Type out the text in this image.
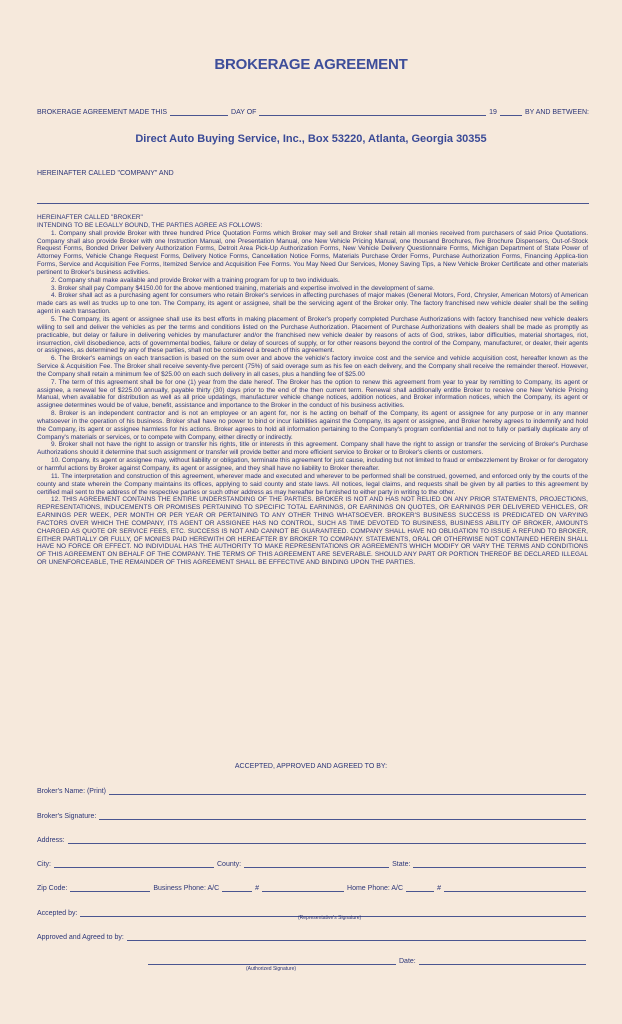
BROKERAGE AGREEMENT
BROKERAGE AGREEMENT MADE THIS	DAY OF	19	BY AND BETWEEN:
Direct Auto Buying Service, Inc., Box 53220, Atlanta, Georgia 30355
HEREINAFTER CALLED "COMPANY" AND

HEREINAFTER CALLED "BROKER"

INTENDING TO BE LEGALLY BOUND, THE PARTIES AGREE AS FOLLOWS:

1. Company shall provide Broker with three hundred Price Quotation Forms which Broker may sell and Broker shall retain all monies received from purchasers of said Price Quotations. Company shall also provide Broker with one Instruction Manual, one Presentation Manual, one New Vehicle Pricing Manual, one thousand Brochures, five Brochure Dispensers, Out-of-Stock Request Forms, Bonded Driver Delivery Authorization Forms, Detroit Area Pick-Up Authorization Forms, New Vehicle Delivery Questionnaire Forms, Michigan Department of State Power of Attorney Forms, Vehicle Change Request Forms, Delivery Notice Forms, Cancellation Notice Forms, Materials Purchase Order Forms, Purchase Authorization Forms, Financing Applica-tion Forms, Service and Acquisition Fee Forms, Itemized Service and Acquisition Fee Forms. You May Need Our Services, Money Saving Tips, a New Vehicle Broker Certificate and other materials pertinent to Broker's business activities.

2. Company shall make available and provide Broker with a training program for up to two individuals.

3. Broker shall pay Company $4150.00 for the above mentioned training, materials and expertise involved in the development of same.

4. Broker shall act as a purchasing agent for consumers who retain Broker's services in affecting purchases of major makes (General Motors, Ford, Chrysler, American Motors) of American made cars as well as trucks up to one ton. The Company, its agent or assignee, shall be the servicing agent of the Broker only. The factory franchised new vehicle dealer shall be the selling agent in each transaction.

5. The Company, its agent or assignee shall use its best efforts in making placement of Broker's properly completed Purchase Authorizations with factory franchised new vehicle dealers willing to sell and deliver the vehicles as per the terms and conditions listed on the Purchase Authorization. Placement of Purchase Authorizations with dealers shall be made as promptly as practicable, but delay or failure in delivering vehicles by manufacturer and/or the franchised new vehicle dealer by reasons of acts of God, strikes, labor difficulties, material shortages, riot, insurrection, civil disobedience, acts of governmental bodies, failure or delay of sources of supply, or for other reasons beyond the control of the Company, manufacturer, or dealer, their agents or assignees, as determined by any of these parties, shall not be considered a breach of this agreement.

6. The Broker's earnings on each transaction is based on the sum over and above the vehicle's factory invoice cost and the service and vehicle acquisition cost, hereafter known as the Service & Acquisition Fee. The Broker shall receive seventy-five percent (75%) of said overage sum as his fee on each delivery, and the Company shall receive the remainder thereof. However, the Company shall retain a minimum fee of $25.00 on each such delivery in all cases, plus a handling fee of $25.00

7. The term of this agreement shall be for one (1) year from the date hereof. The Broker has the option to renew this agreement from year to year by remitting to Company, its agent or assignee, a renewal fee of $225.00 annually, payable thirty (30) days prior to the end of the then current term. Renewal shall additionally entitle Broker to receive one New Vehicle Pricing Manual, when available for distribution as well as all price updatings, manufacturer vehicle change notices, addition notices, and Broker information notices, which the Company, its agent or assignee determines would be of value, benefit, assistance and importance to the Broker in the conduct of his business activities.

8. Broker is an independent contractor and is not an employee or an agent for, nor is he acting on behalf of the Company, its agent or assignee for any purpose or in any manner whatsoever in the operation of his business. Broker shall have no power to bind or incur liabilities against the Company, its agent or assignee, and Broker hereby agrees to indemnify and hold the Company, its agent or assignee harmless for his actions. Broker agrees to hold all information pertaining to the Company's program confidential and not to fully or partially duplicate any of Company's materials or services, or to compete with Company, either directly or indirectly.

9. Broker shall not have the right to assign or transfer his rights, title or interests in this agreement. Company shall have the right to assign or transfer the servicing of Broker's Purchase Authorizations should it determine that such assignment or transfer will provide better and more efficient service to Broker or to Broker's clients or customers.

10. Company, its agent or assignee may, without liability or obligation, terminate this agreement for just cause, including but not limited to fraud or embezzlement by Broker or for derogatory or harmful actions by Broker against Company, its agent or assignee, and they shall have no liability to Broker thereafter.

11. The interpretation and construction of this agreement, wherever made and executed and wherever to be performed shall be construed, governed, and enforced only by the courts of the county and state wherein the Company maintains its offices, applying to said county and state laws. All notices, legal claims, and requests shall be given by all parties to this agreement by certified mail sent to the address of the respective parties or such other address as may hereafter be furnished to either party in writing to the other.

12. THIS AGREEMENT CONTAINS THE ENTIRE UNDERSTANDING OF THE PARTIES. BROKER IS NOT AND HAS NOT RELIED ON ANY PRIOR STATEMENTS, PROJECTIONS, REPRESENTATIONS, INDUCEMENTS OR PROMISES PERTAINING TO SPECIFIC TOTAL EARNINGS, OR EARNINGS ON QUOTES, OR EARNINGS PER DELIVERED VEHICLES, OR EARNINGS PER WEEK, PER MONTH OR PER YEAR OR PERTAINING TO ANY OTHER THING WHATSOEVER. BROKER'S BUSINESS SUCCESS IS PREDICATED ON VARYING FACTORS OVER WHICH THE COMPANY, ITS AGENT OR ASSIGNEE HAS NO CONTROL, SUCH AS TIME DEVOTED TO BUSINESS, BUSINESS ABILITY OF BROKER, AMOUNTS CHARGED AS QUOTE OR SERVICE FEES, ETC. SUCCESS IS NOT AND CANNOT BE GUARANTEED. COMPANY SHALL HAVE NO OBLIGATION TO ISSUE A REFUND TO BROKER, EITHER PARTIALLY OR FULLY, OF MONIES PAID HEREWITH OR HEREAFTER BY BROKER TO COMPANY. STATEMENTS, ORAL OR OTHERWISE NOT CONTAINED HEREIN SHALL HAVE NO FORCE OR EFFECT. NO INDIVIDUAL HAS THE AUTHORITY TO MAKE REPRESENTATIONS OR AGREEMENTS WHICH MODIFY OR VARY THE TERMS AND CONDITIONS OF THIS AGREEMENT ON BEHALF OF THE COMPANY. THE TERMS OF THIS AGREEMENT ARE SEVERABLE. SHOULD ANY PART OR PORTION THEREOF BE DECLARED ILLEGAL OR UNENFORCEABLE, THE REMAINDER OF THIS AGREEMENT SHALL BE EFFECTIVE AND BINDING UPON THE PARTIES.

ACCEPTED, APPROVED AND AGREED TO BY:
Broker's Name: (Print)
Broker's Signature:
Address:
City:	County:	State:
Zip Code:	Business Phone: A/C	#	Home Phone: A/C	#
Accepted by:
(Representative's Signature)
Approved and Agreed to by:
Date:
(Authorized Signature)
